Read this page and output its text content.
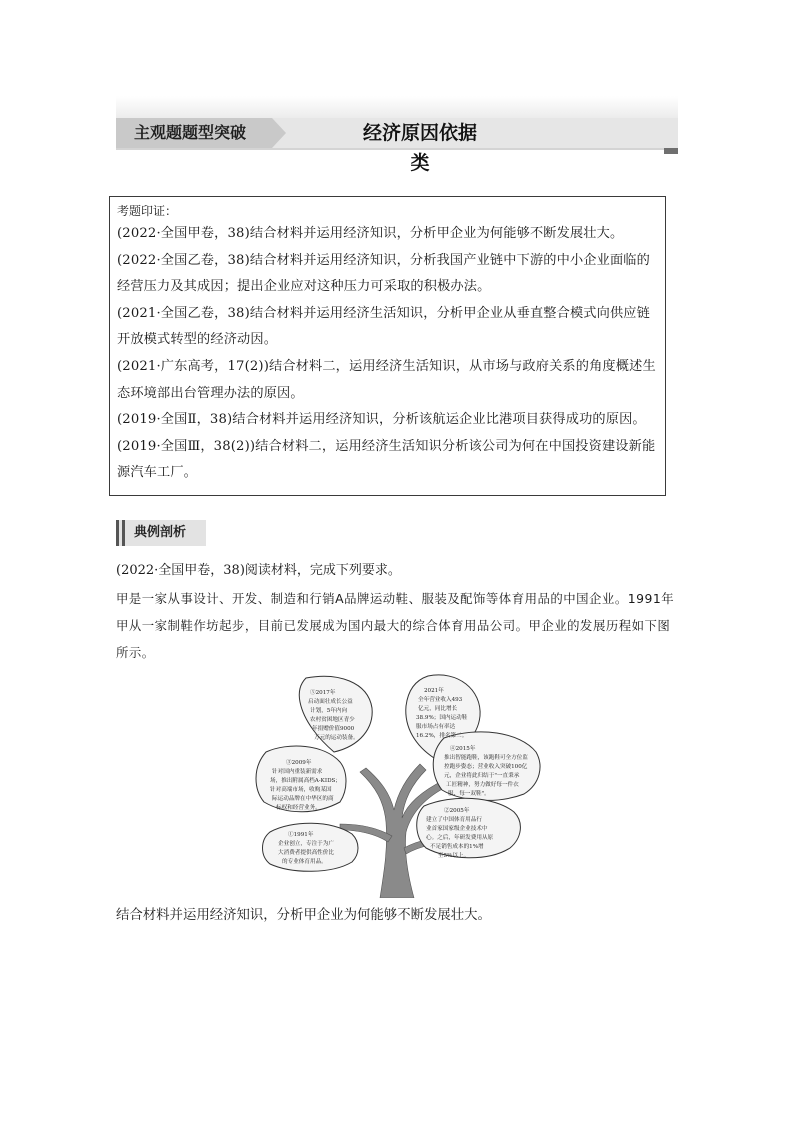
主观题题型突破	经济原因依据类
考题印证：

(2022·全国甲卷，38)结合材料并运用经济知识，分析甲企业为何能够不断发展壮大。

(2022·全国乙卷，38)结合材料并运用经济知识，分析我国产业链中下游的中小企业面临的经营压力及其成因；提出企业应对这种压力可采取的积极办法。

(2021·全国乙卷，38)结合材料并运用经济生活知识，分析甲企业从垂直整合模式向供应链开放模式转型的经济动因。

(2021·广东高考，17(2))结合材料二，运用经济生活知识，从市场与政府关系的角度概述生态环境部出台管理办法的原因。

(2019·全国Ⅱ，38)结合材料并运用经济知识，分析该航运企业比港项目获得成功的原因。

(2019·全国Ⅲ，38(2))结合材料二，运用经济生活知识分析该公司为何在中国投资建设新能源汽车工厂。

典例剖析
(2022·全国甲卷，38)阅读材料，完成下列要求。
甲是一家从事设计、开发、制造和行销A品牌运动鞋、服装及配饰等体育用品的中国企业。1991年甲从一家制鞋作坊起步，目前已发展成为国内最大的综合体育用品公司。甲企业的发展历程如下图所示。
⑤2017年
启动面壮成长公益
计划，5年内向
农村贫困地区青少
年捐赠价值9000
万元的运动装备。
2021年
全年营业收入493
亿元，同比增长
38.9%；国内运动鞋
服市场占有率达
16.2%，排名第二。
③2009年
针对国内重装新需求
场，推出附属高档A-KIDS；
针对高端市场，收购某国
际运动品牌在中华区的商
标权和经营业务。
④2015年
推出智能跑鞋，该跑鞋可全方位监
控跑步姿态；营业收入突破100亿
元，企业将此归结于"一直秉承
工匠精神，努力做好每一件衣
服、每一双鞋"。
①1991年
企业创立，专注于为广
大消费者提供高性价比
的专业体育用品。
②2005年
建立了中国体育用品行
业首家国家级企业技术中
心。之后，年研发费用从原
不足销售成本的1%增
至5%以上。
结合材料并运用经济知识，分析甲企业为何能够不断发展壮大。
